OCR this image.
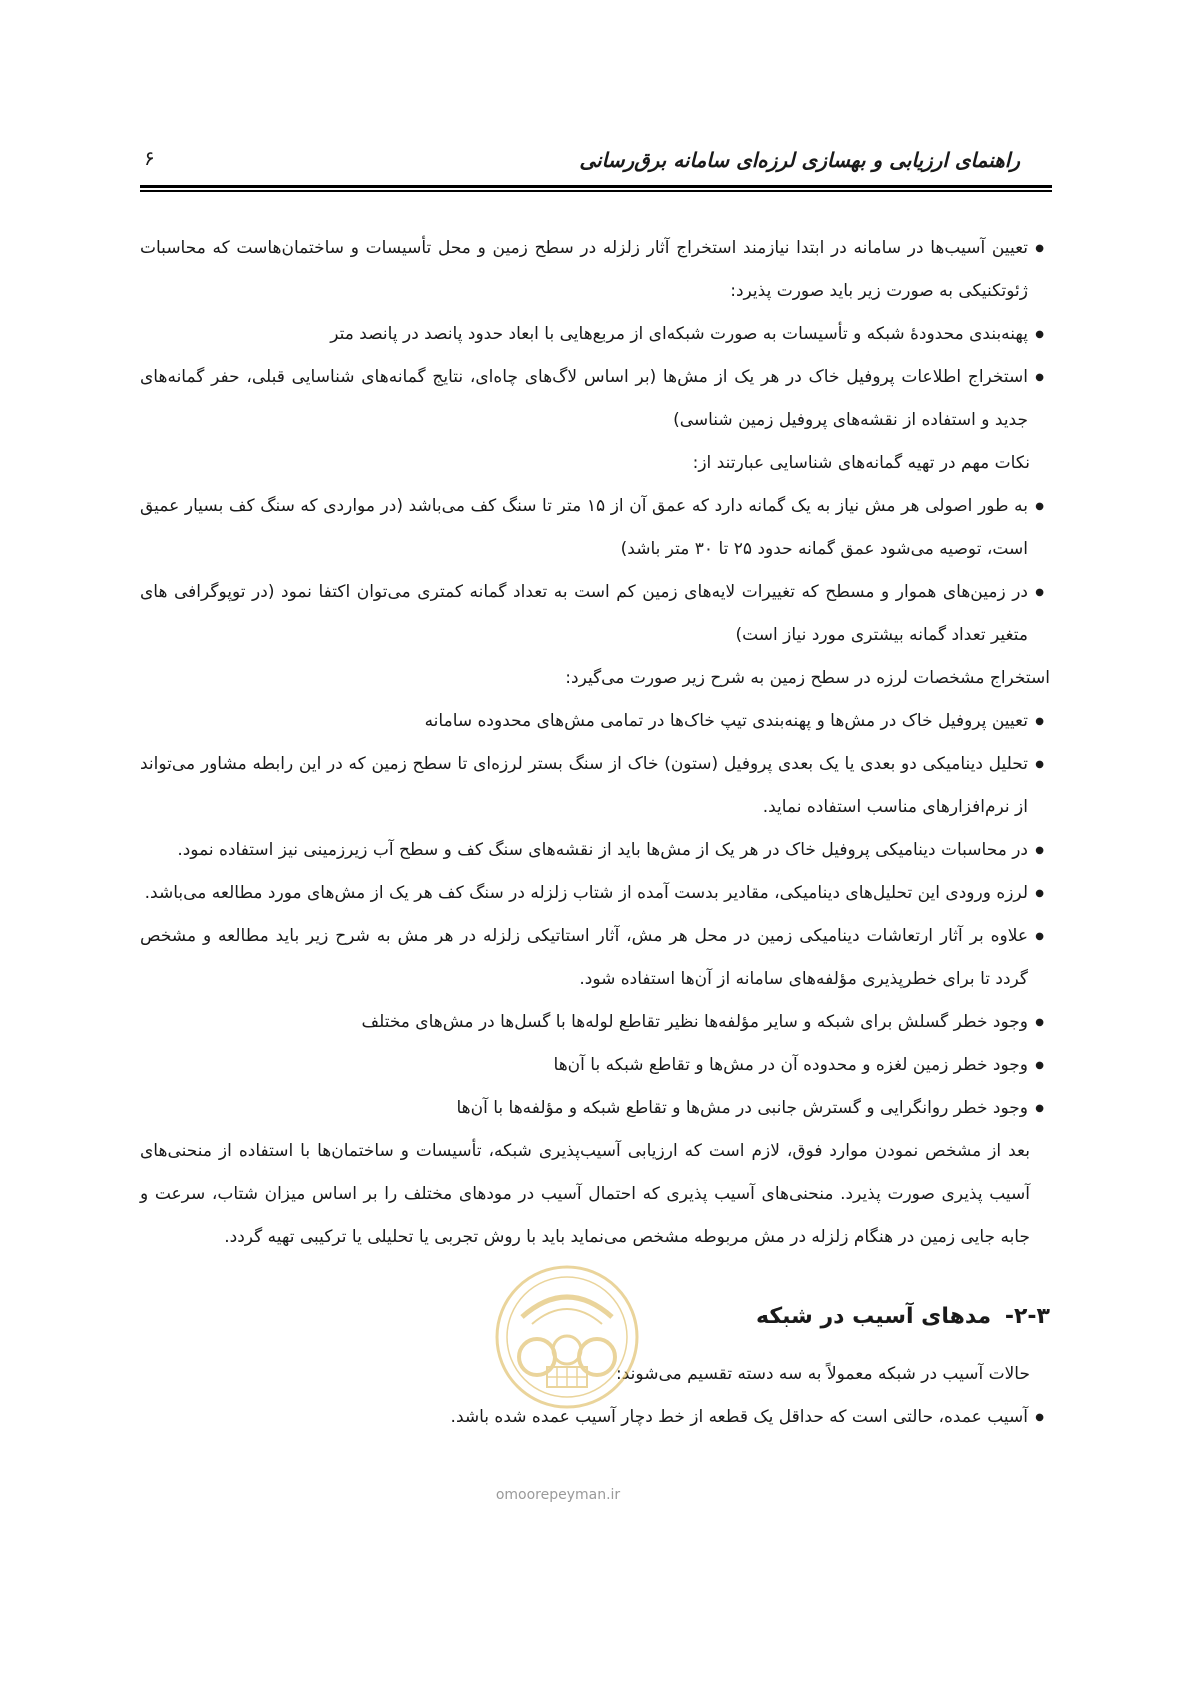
راهنمای ارزیابی و بهسازی لرزه‌ای سامانه برق‌رسانی
۶

● تعیین آسیب‌ها در سامانه در ابتدا نیازمند استخراج آثار زلزله در سطح زمین و محل تأسیسات و ساختمان‌هاست که محاسبات ژئوتکنیکی به صورت زیر باید صورت پذیرد:

● پهنه‌بندی محدودهٔ شبکه و تأسیسات به صورت شبکه‌ای از مربع‌هایی با ابعاد حدود پانصد در پانصد متر

● استخراج اطلاعات پروفیل خاک در هر یک از مش‌ها (بر اساس لاگ‌های چاه‌ای، نتایج گمانه‌های شناسایی قبلی، حفر گمانه‌های جدید و استفاده از نقشه‌های پروفیل زمین شناسی)

نکات مهم در تهیه گمانه‌های شناسایی عبارتند از:

● به طور اصولی هر مش نیاز به یک گمانه دارد که عمق آن از ۱۵ متر تا سنگ کف می‌باشد (در مواردی که سنگ کف بسیار عمیق است، توصیه می‌شود عمق گمانه حدود ۲۵ تا ۳۰ متر باشد)

● در زمین‌های هموار و مسطح که تغییرات لایه‌های زمین کم است به تعداد گمانه کمتری می‌توان اکتفا نمود (در توپوگرافی های متغیر تعداد گمانه بیشتری مورد نیاز است)

استخراج مشخصات لرزه در سطح زمین به شرح زیر صورت می‌گیرد:

● تعیین پروفیل خاک در مش‌ها و پهنه‌بندی تیپ خاک‌ها در تمامی مش‌های محدوده سامانه

● تحلیل دینامیکی دو بعدی یا یک بعدی پروفیل (ستون) خاک از سنگ بستر لرزه‌ای تا سطح زمین که در این رابطه مشاور می‌تواند از نرم‌افزارهای مناسب استفاده نماید.

● در محاسبات دینامیکی پروفیل خاک در هر یک از مش‌ها باید از نقشه‌های سنگ کف و سطح آب زیرزمینی نیز استفاده نمود.

● لرزه ورودی این تحلیل‌های دینامیکی، مقادیر بدست آمده از شتاب زلزله در سنگ کف هر یک از مش‌های مورد مطالعه می‌باشد.

● علاوه بر آثار ارتعاشات دینامیکی زمین در محل هر مش، آثار استاتیکی زلزله در هر مش به شرح زیر باید مطالعه و مشخص گردد تا برای خطرپذیری مؤلفه‌های سامانه از آن‌ها استفاده شود.

● وجود خطر گسلش برای شبکه و سایر مؤلفه‌ها نظیر تقاطع لوله‌ها با گسل‌ها در مش‌های مختلف

● وجود خطر زمین لغزه و محدوده آن در مش‌ها و تقاطع شبکه با آن‌ها

● وجود خطر روانگرایی و گسترش جانبی در مش‌ها و تقاطع شبکه و مؤلفه‌ها با آن‌ها

بعد از مشخص نمودن موارد فوق، لازم است که ارزیابی آسیب‌پذیری شبکه، تأسیسات و ساختمان‌ها با استفاده از منحنی‌های آسیب پذیری صورت پذیرد. منحنی‌های آسیب پذیری که احتمال آسیب در مودهای مختلف را بر اساس میزان شتاب، سرعت و جابه جایی زمین در هنگام زلزله در مش مربوطه مشخص می‌نماید باید با روش تجربی یا تحلیلی یا ترکیبی تهیه گردد.

۲-۳- مدهای آسیب در شبکه

حالات آسیب در شبکه معمولاً به سه دسته تقسیم می‌شوند:

● آسیب عمده، حالتی است که حداقل یک قطعه از خط دچار آسیب عمده شده باشد.

omoorepeyman.ir
